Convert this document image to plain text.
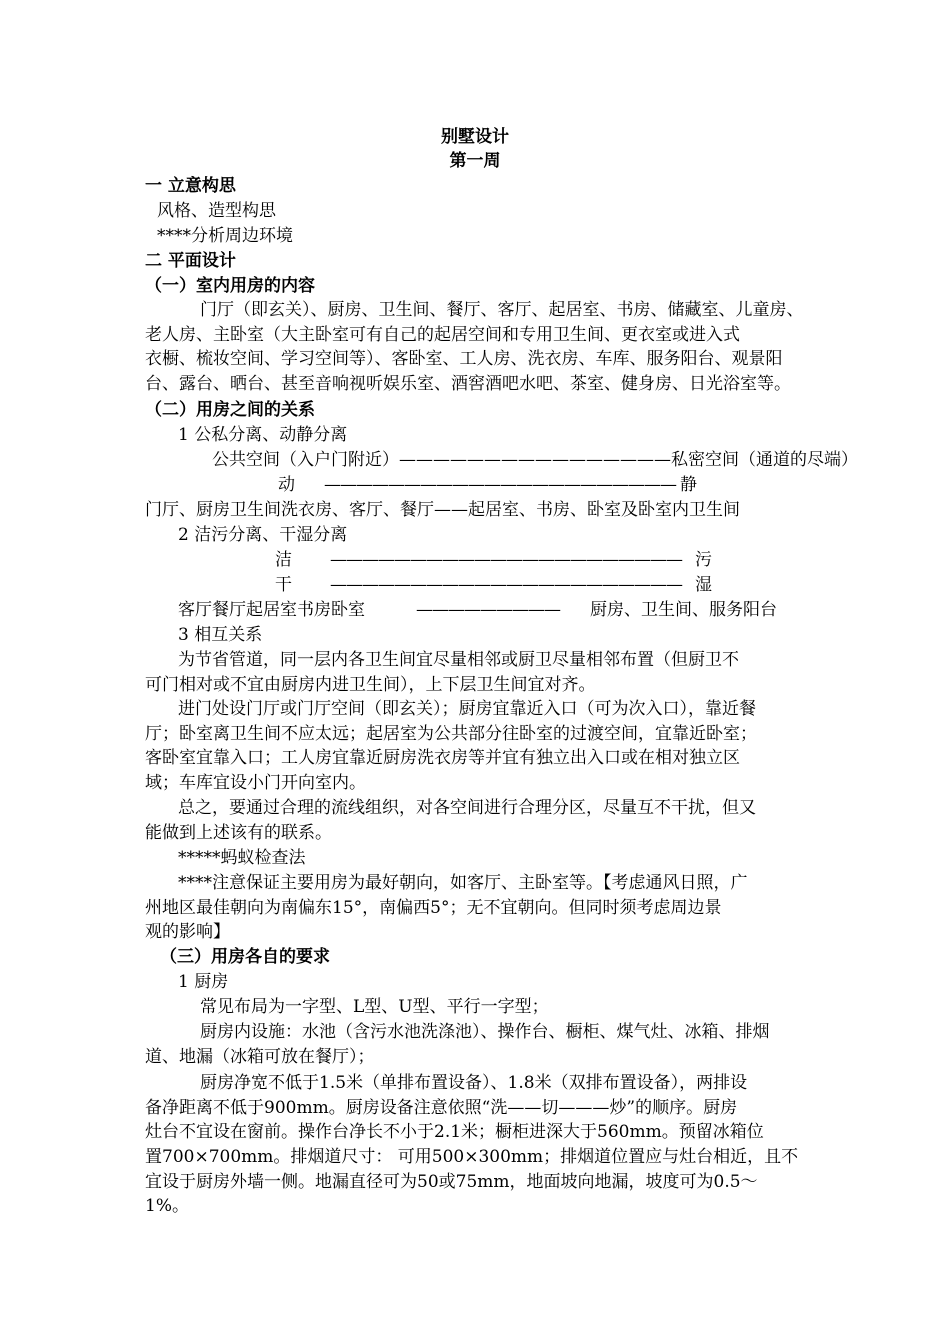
别墅设计
第一周
一 立意构思
风格、造型构思
****分析周边环境
二 平面设计
（一）室内用房的内容
门厅（即玄关）、厨房、卫生间、餐厅、客厅、起居室、书房、储藏室、儿童房、
老人房、主卧室（大主卧室可有自己的起居空间和专用卫生间、更衣室或进入式
衣橱、梳妆空间、学习空间等）、客卧室、工人房、洗衣房、车库、服务阳台、观景阳
台、露台、晒台、甚至音响视听娱乐室、酒窖酒吧水吧、茶室、健身房、日光浴室等。
（二）用房之间的关系
1 公私分离、动静分离
公共空间（入户门附近）————————————————私密空间（通道的尽端）
动 —————————————————————— 静
门厅、厨房卫生间洗衣房、客厅、餐厅——起居室、书房、卧室及卧室内卫生间
2 洁污分离、干湿分离
洁 —————————————————————— 污
干 —————————————————————— 湿
客厅餐厅起居室书房卧室	————————— 厨房、卫生间、服务阳台
3 相互关系
为节省管道，同一层内各卫生间宜尽量相邻或厨卫尽量相邻布置（但厨卫不
可门相对或不宜由厨房内进卫生间），上下层卫生间宜对齐。
进门处设门厅或门厅空间（即玄关）；厨房宜靠近入口（可为次入口），靠近餐
厅；卧室离卫生间不应太远；起居室为公共部分往卧室的过渡空间，宜靠近卧室；
客卧室宜靠入口；工人房宜靠近厨房洗衣房等并宜有独立出入口或在相对独立区
域；车库宜设小门开向室内。
总之，要通过合理的流线组织，对各空间进行合理分区，尽量互不干扰，但又
能做到上述该有的联系。
*****蚂蚁检查法
****注意保证主要用房为最好朝向，如客厅、主卧室等。【考虑通风日照，广
州地区最佳朝向为南偏东15°，南偏西5°；无不宜朝向。但同时须考虑周边景
观的影响】
（三）用房各自的要求
1 厨房
常见布局为一字型、L型、U型、平行一字型；
厨房内设施：水池（含污水池洗涤池）、操作台、橱柜、煤气灶、冰箱、排烟
道、地漏（冰箱可放在餐厅）；
厨房净宽不低于1.5米（单排布置设备）、1.8米（双排布置设备），两排设
备净距离不低于900mm。厨房设备注意依照“洗——切———炒”的顺序。厨房
灶台不宜设在窗前。操作台净长不小于2.1米；橱柜进深大于560mm。预留冰箱位
置700×700mm。排烟道尺寸： 可用500×300mm；排烟道位置应与灶台相近，且不
宜设于厨房外墙一侧。地漏直径可为50或75mm，地面坡向地漏，坡度可为0.5～
1%。
